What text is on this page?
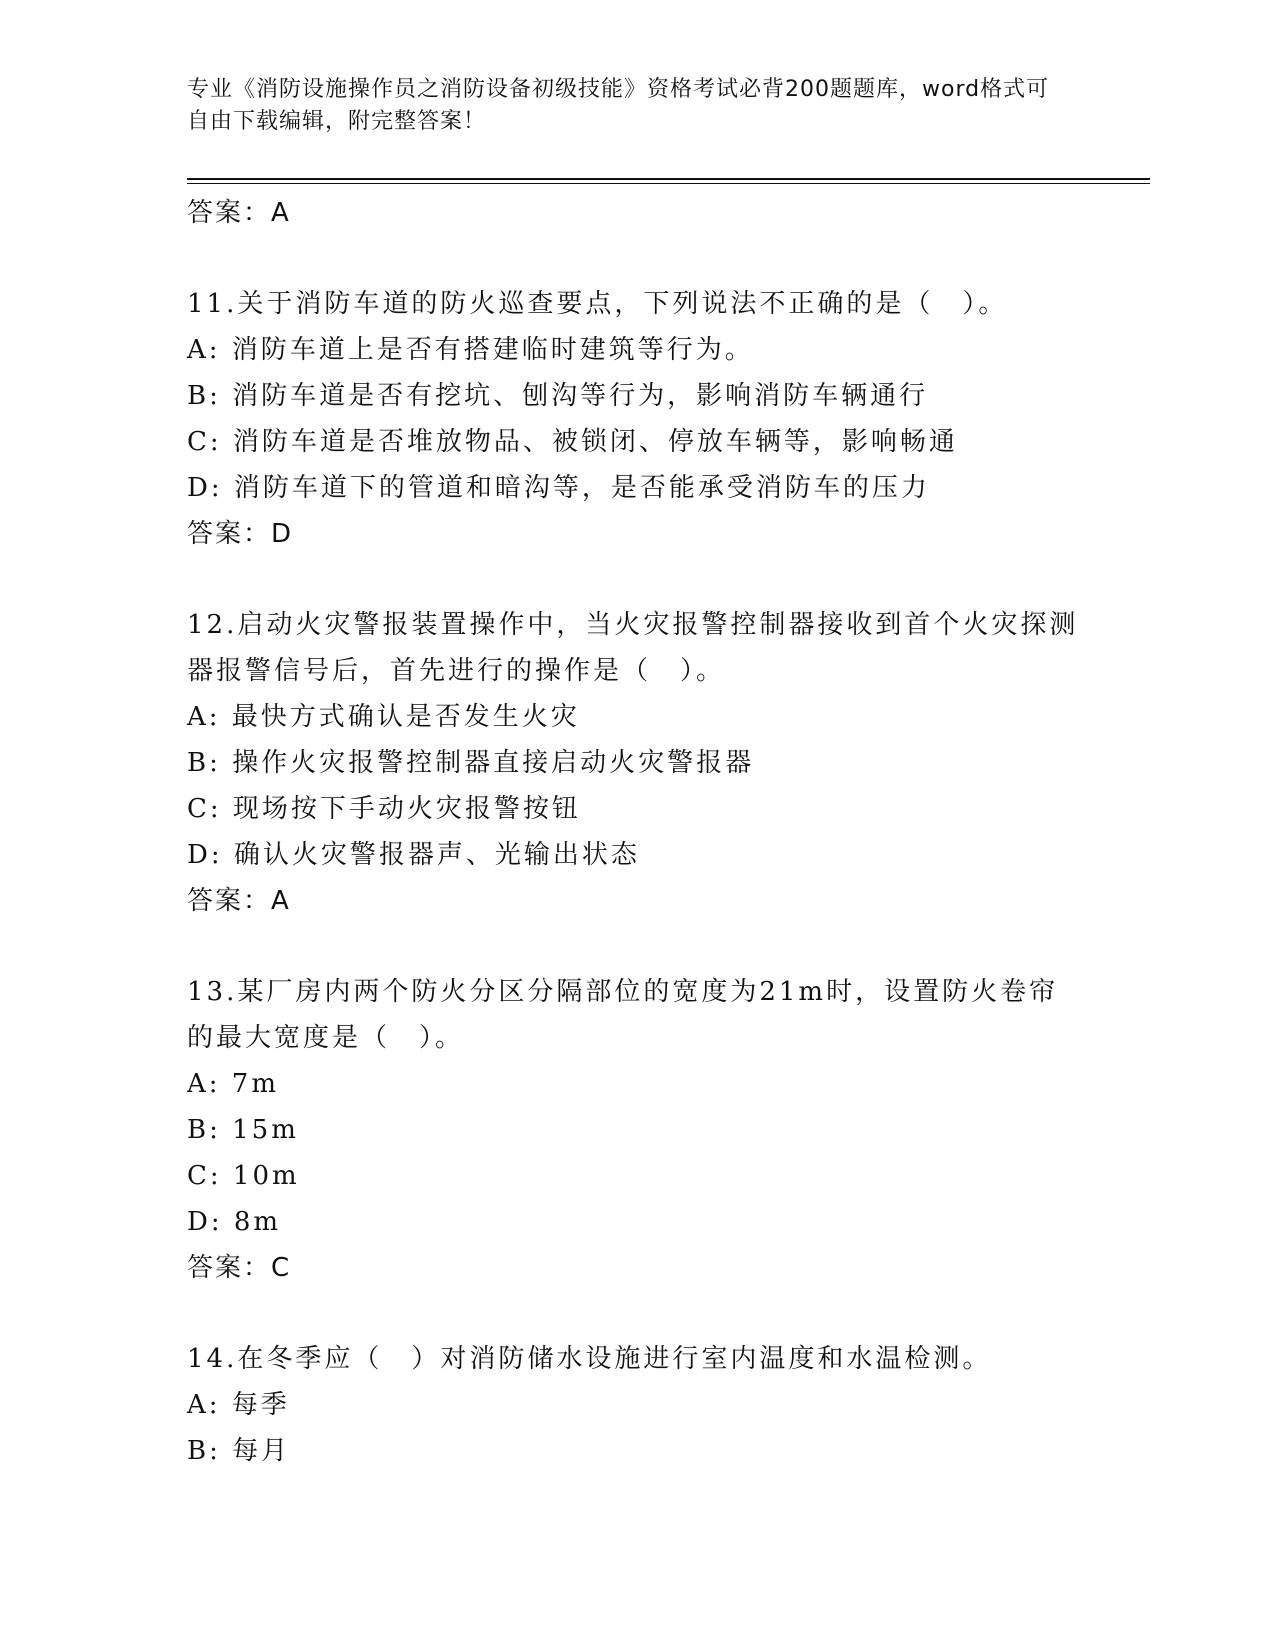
专业《消防设施操作员之消防设备初级技能》资格考试必背200题题库，word格式可自由下载编辑，附完整答案！
答案：A
11.关于消防车道的防火巡查要点，下列说法不正确的是（　）。
A: 消防车道上是否有搭建临时建筑等行为。
B: 消防车道是否有挖坑、刨沟等行为，影响消防车辆通行
C: 消防车道是否堆放物品、被锁闭、停放车辆等，影响畅通
D: 消防车道下的管道和暗沟等，是否能承受消防车的压力
答案：D
12.启动火灾警报装置操作中，当火灾报警控制器接收到首个火灾探测器报警信号后，首先进行的操作是（　）。
A: 最快方式确认是否发生火灾
B: 操作火灾报警控制器直接启动火灾警报器
C: 现场按下手动火灾报警按钮
D: 确认火灾警报器声、光输出状态
答案：A
13.某厂房内两个防火分区分隔部位的宽度为21m时，设置防火卷帘的最大宽度是（　）。
A: 7m
B: 15m
C: 10m
D: 8m
答案：C
14.在冬季应（　）对消防储水设施进行室内温度和水温检测。
A: 每季
B: 每月
